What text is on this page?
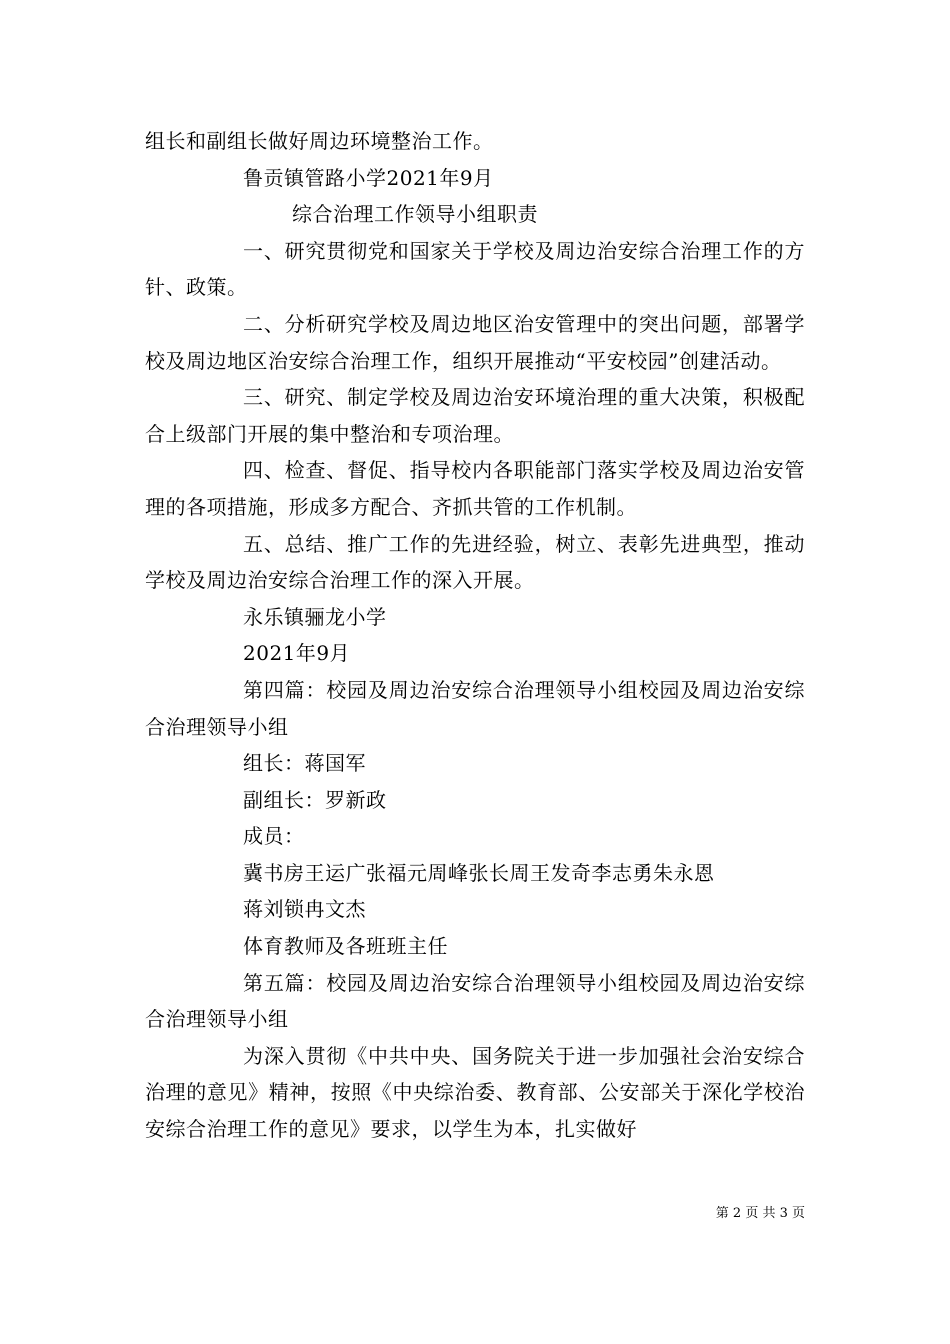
组长和副组长做好周边环境整治工作。

鲁贡镇管路小学2021年9月

综合治理工作领导小组职责

一、研究贯彻党和国家关于学校及周边治安综合治理工作的方针、政策。

二、分析研究学校及周边地区治安管理中的突出问题，部署学校及周边地区治安综合治理工作，组织开展推动“平安校园”创建活动。

三、研究、制定学校及周边治安环境治理的重大决策，积极配合上级部门开展的集中整治和专项治理。

四、检查、督促、指导校内各职能部门落实学校及周边治安管理的各项措施，形成多方配合、齐抓共管的工作机制。

五、总结、推广工作的先进经验，树立、表彰先进典型，推动学校及周边治安综合治理工作的深入开展。

永乐镇骊龙小学

2021年9月

第四篇：校园及周边治安综合治理领导小组校园及周边治安综合治理领导小组

组长：蒋国军

副组长：罗新政

成员：

冀书房王运广张福元周峰张长周王发奇李志勇朱永恩

蒋刘锁冉文杰

体育教师及各班班主任

第五篇：校园及周边治安综合治理领导小组校园及周边治安综合治理领导小组

为深入贯彻《中共中央、国务院关于进一步加强社会治安综合治理的意见》精神，按照《中央综治委、教育部、公安部关于深化学校治安综合治理工作的意见》要求，以学生为本，扎实做好

第 2 页 共 3 页
